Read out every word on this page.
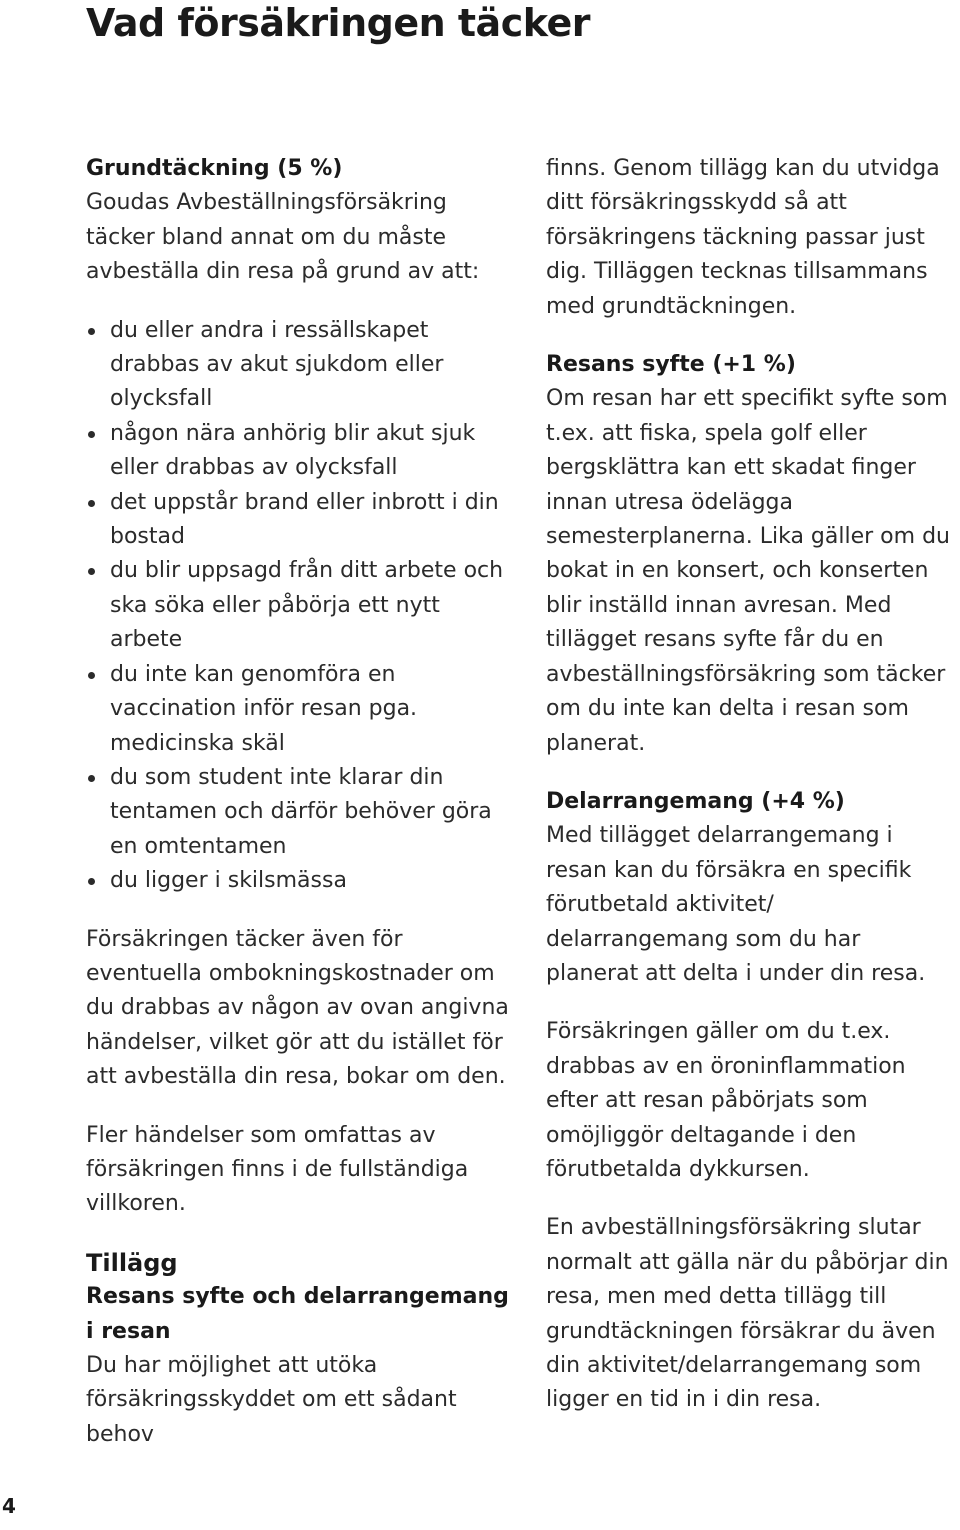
Vad försäkringen täcker
Grundtäckning (5 %)

Goudas Avbeställningsförsäkring täcker bland annat om du måste avbeställa din resa på grund av att:

du eller andra i ressällskapet drabbas av akut sjukdom eller olycksfall
någon nära anhörig blir akut sjuk eller drabbas av olycksfall
det uppstår brand eller inbrott i din bostad
du blir uppsagd från ditt arbete och ska söka eller påbörja ett nytt arbete
du inte kan genomföra en vaccination inför resan pga. medicinska skäl
du som student inte klarar din tentamen och därför behöver göra en omtentamen
du ligger i skilsmässa

Försäkringen täcker även för eventuella ombokningskostnader om du drabbas av någon av ovan angivna händelser, vilket gör att du istället för att avbeställa din resa, bokar om den.

Fler händelser som omfattas av försäkringen finns i de fullständiga villkoren.

Tillägg
Resans syfte och delarrangemang i resan

Du har möjlighet att utöka försäkringsskyddet om ett sådant behov

finns. Genom tillägg kan du utvidga ditt försäkringsskydd så att försäkringens täckning passar just dig. Tilläggen tecknas tillsammans med grundtäckningen.

Resans syfte (+1 %)

Om resan har ett specifikt syfte som t.ex. att fiska, spela golf eller bergsklättra kan ett skadat finger innan utresa ödelägga semesterplanerna. Lika gäller om du bokat in en konsert, och konserten blir inställd innan avresan. Med tillägget resans syfte får du en avbeställningsförsäkring som täcker om du inte kan delta i resan som planerat.

Delarrangemang (+4 %)

Med tillägget delarrangemang i resan kan du försäkra en specifik förutbetald aktivitet/ delarrangemang som du har planerat att delta i under din resa.

Försäkringen gäller om du t.ex. drabbas av en öroninflammation efter att resan påbörjats som omöjliggör deltagande i den förutbetalda dykkursen.

En avbeställningsförsäkring slutar normalt att gälla när du påbörjar din resa, men med detta tillägg till grundtäckningen försäkrar du även din aktivitet/delarrangemang som ligger en tid in i din resa.

4
